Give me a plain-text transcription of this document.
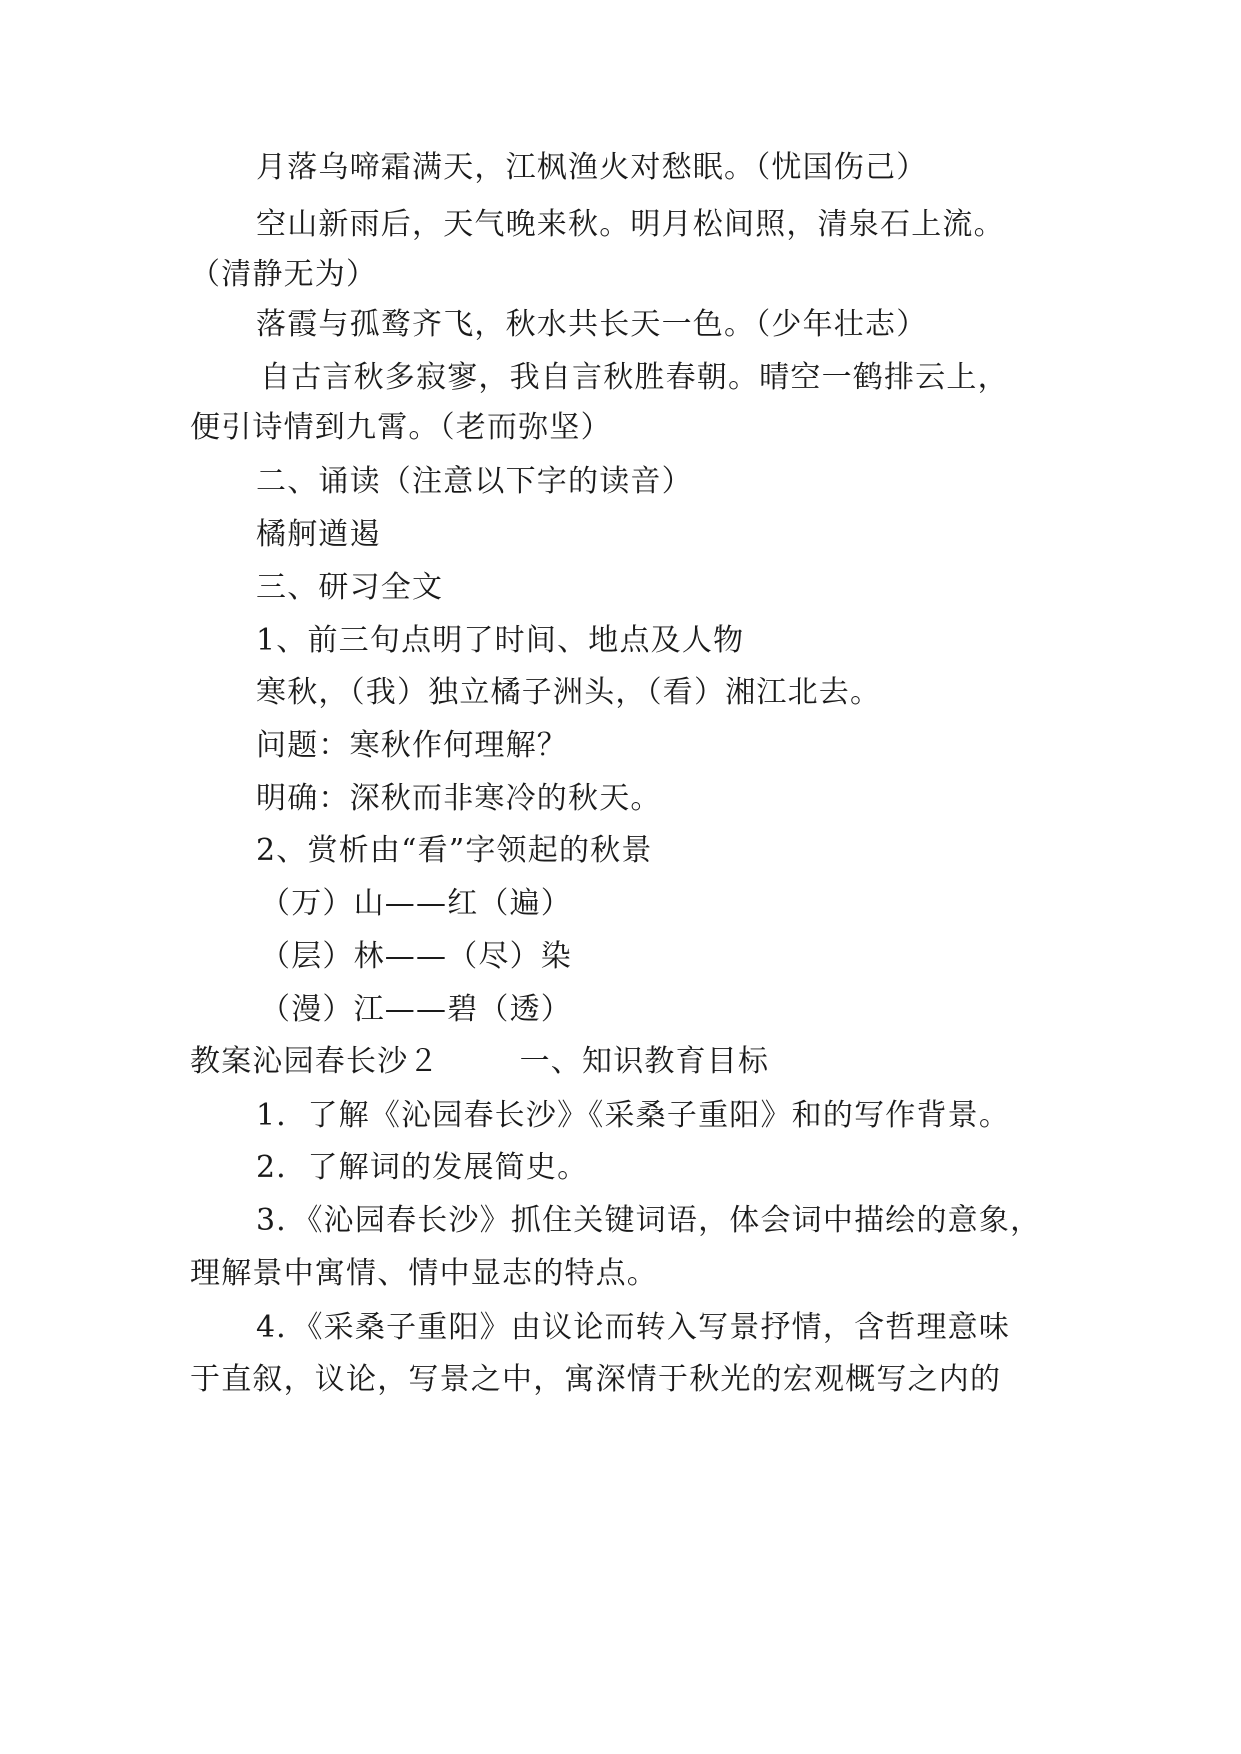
月落乌啼霜满天，江枫渔火对愁眠。（忧国伤己）
空山新雨后，天气晚来秋。明月松间照，清泉石上流。
（清静无为）
落霞与孤鹜齐飞，秋水共长天一色。（少年壮志）
自古言秋多寂寥，我自言秋胜春朝。晴空一鹤排云上，
便引诗情到九霄。（老而弥坚）
二、诵读（注意以下字的读音）
橘舸遒遏
三、研习全文
1、前三句点明了时间、地点及人物
寒秋，（我）独立橘子洲头，（看）湘江北去。
问题：寒秋作何理解？
明确：深秋而非寒冷的秋天。
2、赏析由“看”字领起的秋景
（万）山——红（遍）
（层）林——（尽）染
（漫）江——碧（透）
教案沁园春长沙２	一、知识教育目标
1．了解《沁园春长沙》《采桑子重阳》和的写作背景。
2．了解词的发展简史。
3．《沁园春长沙》抓住关键词语，体会词中描绘的意象，
理解景中寓情、情中显志的特点。
4．《采桑子重阳》由议论而转入写景抒情，含哲理意味
于直叙，议论，写景之中，寓深情于秋光的宏观概写之内的
